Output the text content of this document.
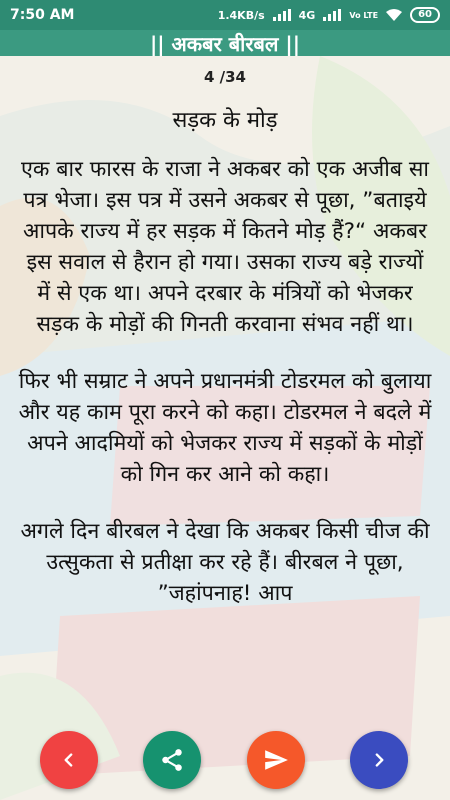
7:50 AM	1.4KB/s	4G	Vo LTE	60
|| अकबर बीरबल ||
4 /34
सड़क के मोड़

एक बार फारस के राजा ने अकबर को एक अजीब सा पत्र भेजा। इस पत्र में उसने अकबर से पूछा, ”बताइये आपके राज्य में हर सड़क में कितने मोड़ हैं?“ अकबर इस सवाल से हैरान हो गया। उसका राज्य बड़े राज्यों में से एक था। अपने दरबार के मंत्रियों को भेजकर सड़क के मोड़ों की गिनती करवाना संभव नहीं था।

फिर भी सम्राट ने अपने प्रधानमंत्री टोडरमल को बुलाया और यह काम पूरा करने को कहा। टोडरमल ने बदले में अपने आदमियों को भेजकर राज्य में सड़कों के मोड़ों को गिन कर आने को कहा।

अगले दिन बीरबल ने देखा कि अकबर किसी चीज की उत्सुकता से प्रतीक्षा कर रहे हैं। बीरबल ने पूछा, ”जहांपनाह! आप
